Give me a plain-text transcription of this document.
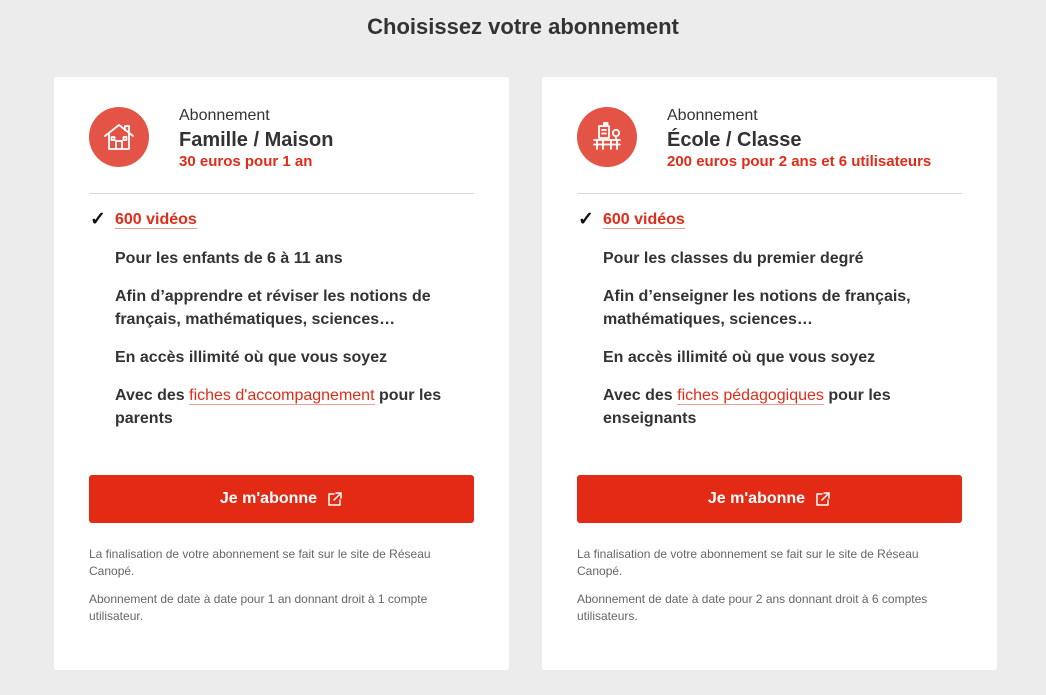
Choisissez votre abonnement
Abonnement
Famille / Maison
30 euros pour 1 an
✓ 600 vidéos
Pour les enfants de 6 à 11 ans
Afin d’apprendre et réviser les notions de français, mathématiques, sciences…
En accès illimité où que vous soyez
Avec des fiches d'accompagnement pour les parents
Je m'abonne

La finalisation de votre abonnement se fait sur le site de Réseau Canopé.

Abonnement de date à date pour 1 an donnant droit à 1 compte utilisateur.

Abonnement
École / Classe
200 euros pour 2 ans et 6 utilisateurs
✓ 600 vidéos
Pour les classes du premier degré
Afin d’enseigner les notions de français, mathématiques, sciences…
En accès illimité où que vous soyez
Avec des fiches pédagogiques pour les enseignants
Je m'abonne

La finalisation de votre abonnement se fait sur le site de Réseau Canopé.

Abonnement de date à date pour 2 ans donnant droit à 6 comptes utilisateurs.
